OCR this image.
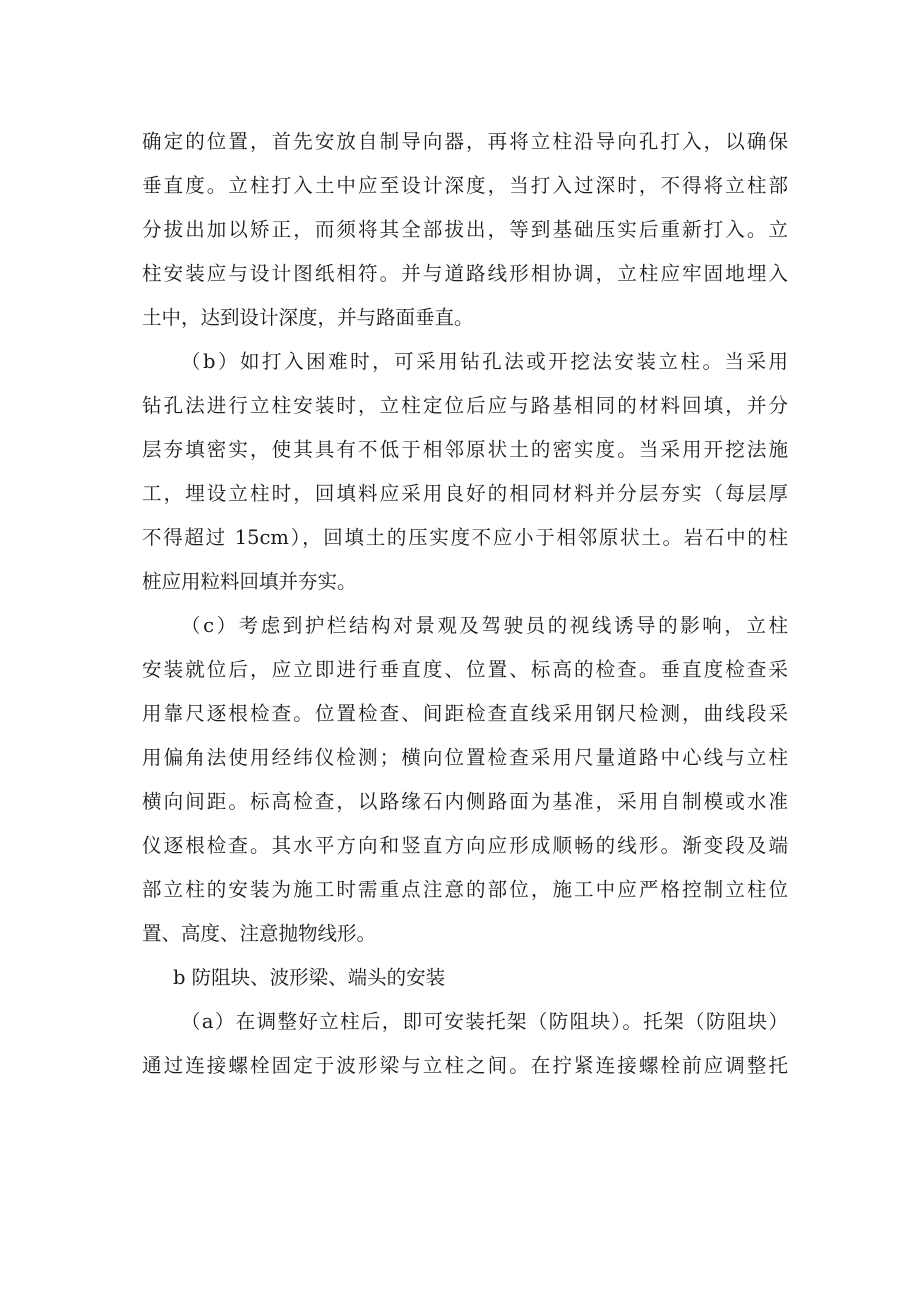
确定的位置，首先安放自制导向器，再将立柱沿导向孔打入，以确保
垂直度。立柱打入土中应至设计深度，当打入过深时，不得将立柱部
分拔出加以矫正，而须将其全部拔出，等到基础压实后重新打入。立
柱安装应与设计图纸相符。并与道路线形相协调，立柱应牢固地埋入
土中，达到设计深度，并与路面垂直。
（b）如打入困难时，可采用钻孔法或开挖法安装立柱。当采用
钻孔法进行立柱安装时，立柱定位后应与路基相同的材料回填，并分
层夯填密实，使其具有不低于相邻原状土的密实度。当采用开挖法施
工，埋设立柱时，回填料应采用良好的相同材料并分层夯实（每层厚
不得超过 15cm），回填土的压实度不应小于相邻原状土。岩石中的柱
桩应用粒料回填并夯实。
（c）考虑到护栏结构对景观及驾驶员的视线诱导的影响，立柱
安装就位后，应立即进行垂直度、位置、标高的检查。垂直度检查采
用靠尺逐根检查。位置检查、间距检查直线采用钢尺检测，曲线段采
用偏角法使用经纬仪检测；横向位置检查采用尺量道路中心线与立柱
横向间距。标高检查，以路缘石内侧路面为基准，采用自制模或水准
仪逐根检查。其水平方向和竖直方向应形成顺畅的线形。渐变段及端
部立柱的安装为施工时需重点注意的部位，施工中应严格控制立柱位
置、高度、注意抛物线形。
b 防阻块、波形梁、端头的安装
（a）在调整好立柱后，即可安装托架（防阻块）。托架（防阻块）
通过连接螺栓固定于波形梁与立柱之间。在拧紧连接螺栓前应调整托
